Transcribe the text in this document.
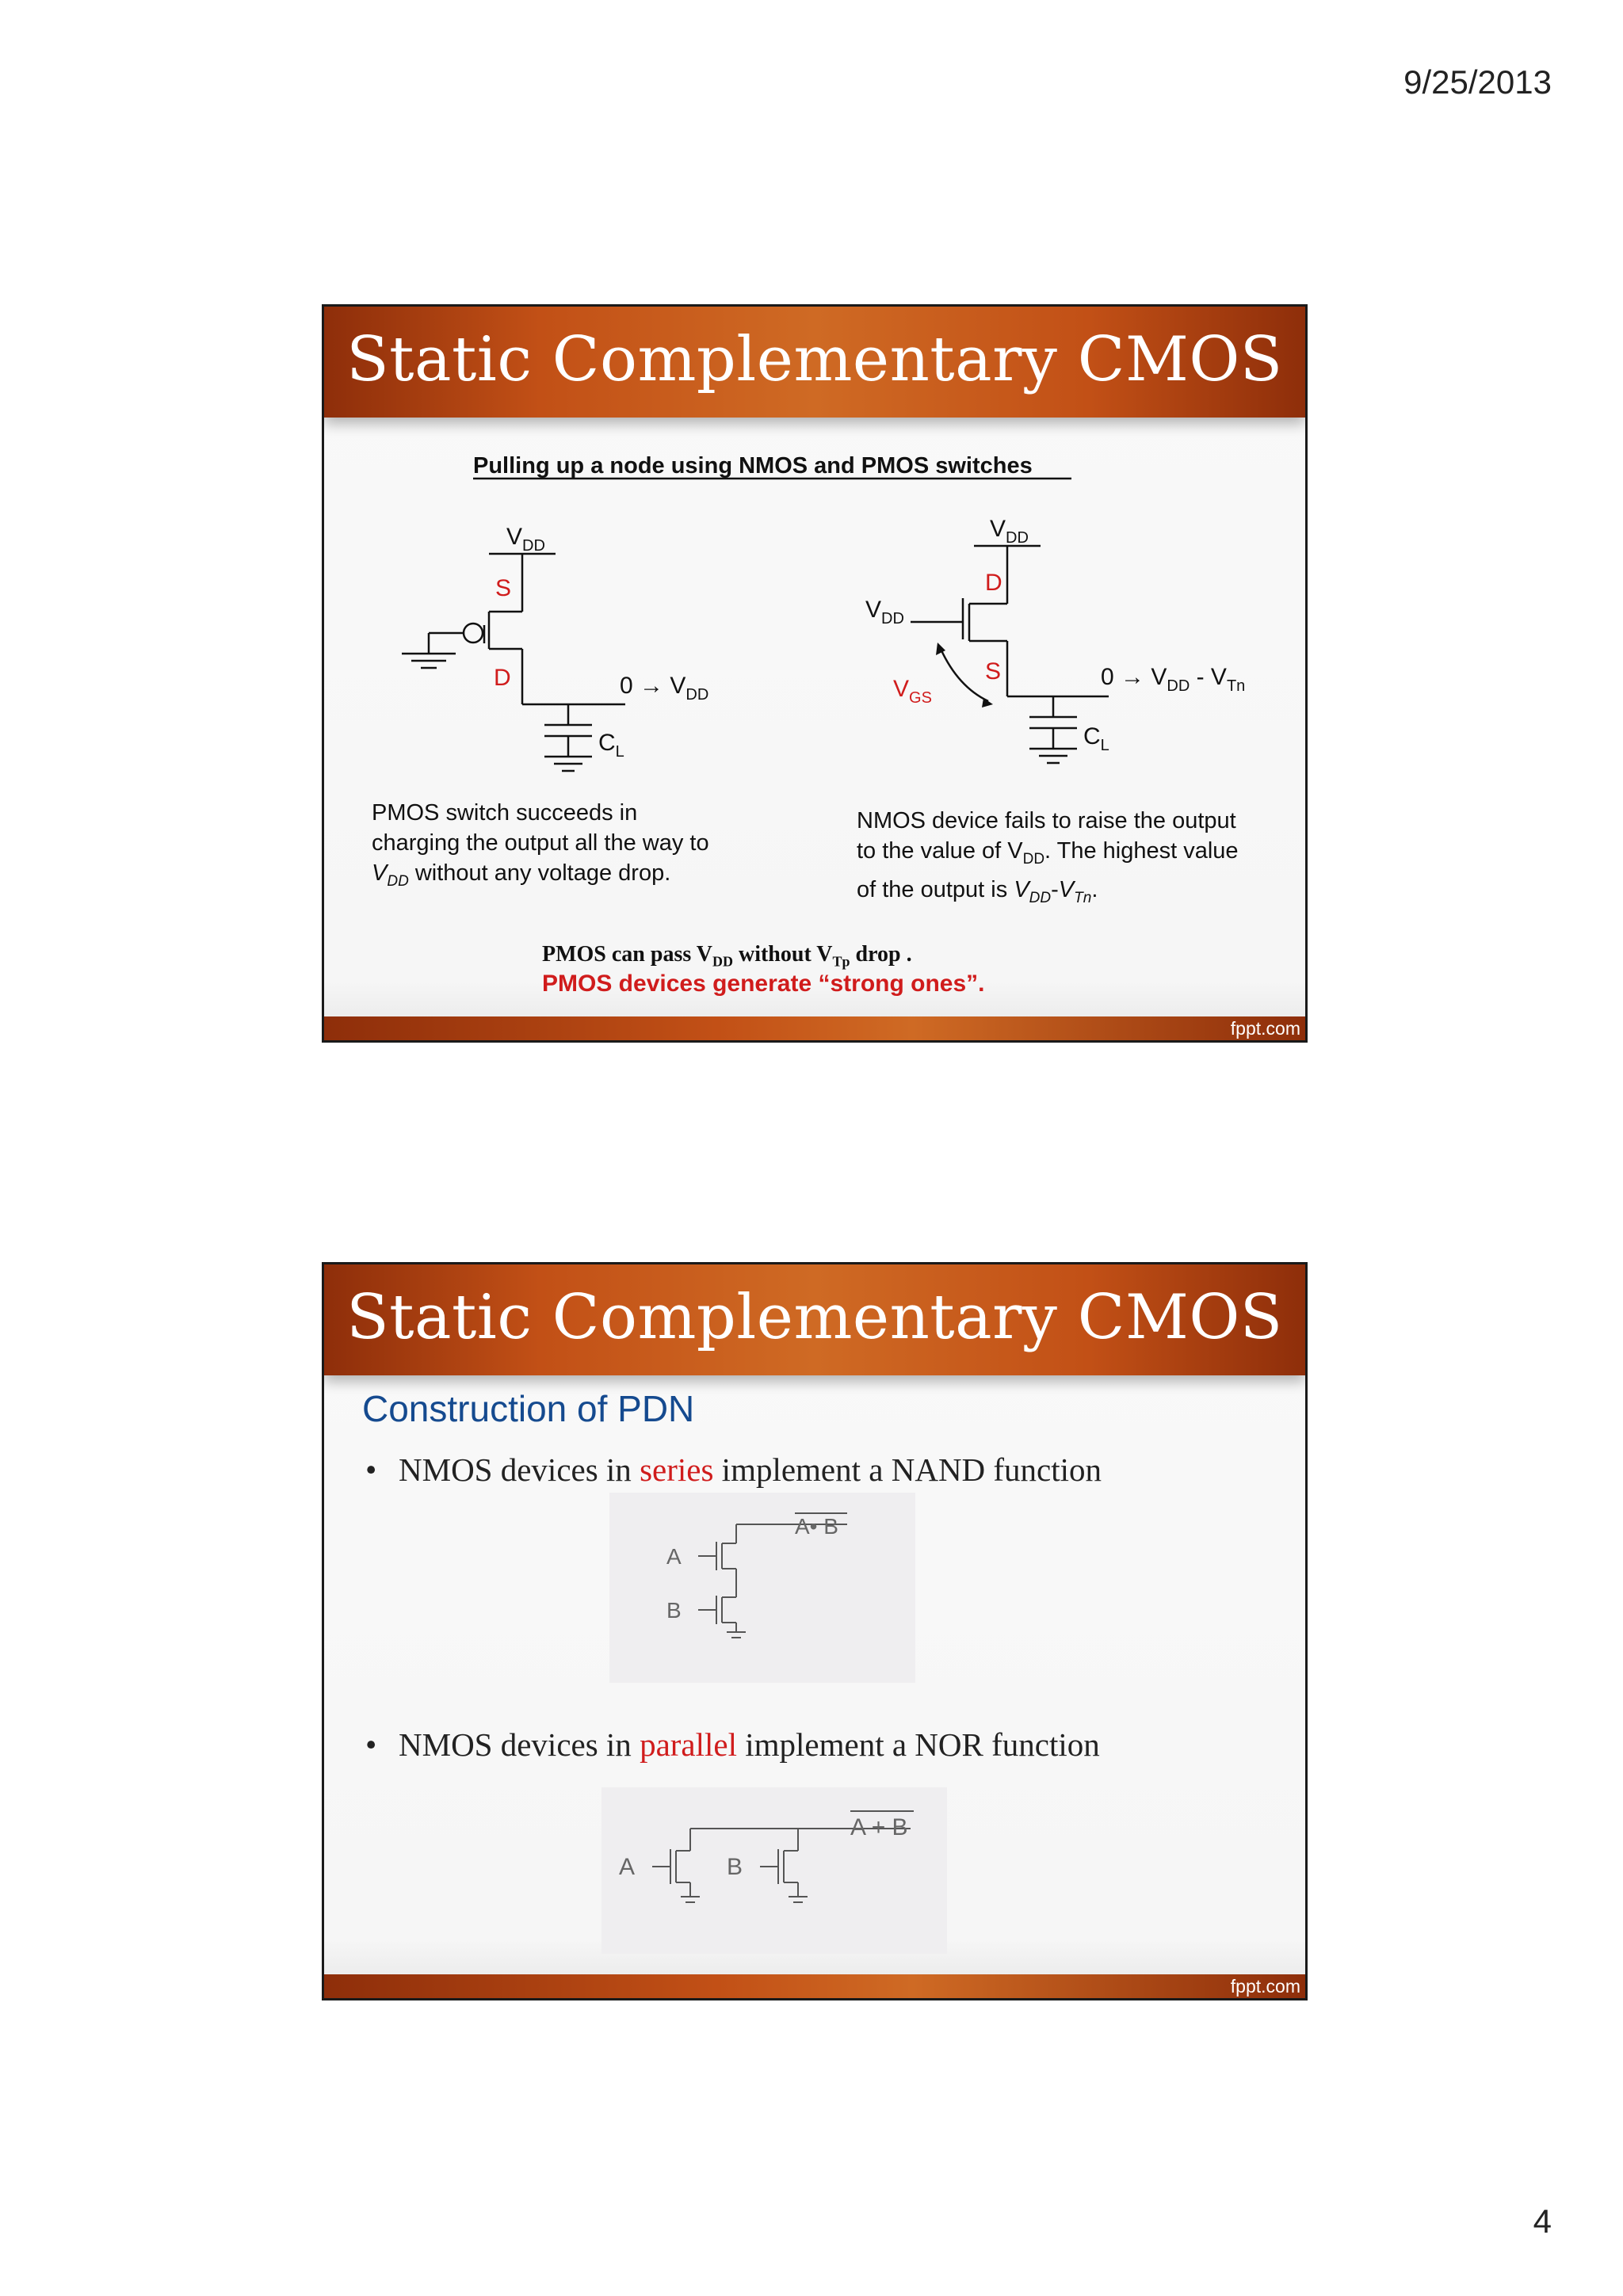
9/25/2013
Static Complementary CMOS
Pulling up a node using NMOS and PMOS switches
$V_{DD}$
S
D	$0 \to V_{DD}$
$C_L$
$V_{DD}$
$V_{DD}$
D
S
$V_{GS}$
$0 \to V_{DD} - V_{Tn}$
$C_L$
PMOS switch succeeds in
charging the output all the way to
$V_{DD}$ without any voltage drop.
NMOS device fails to raise the output
to the value of $V_{DD}$. The highest value
of the output is $V_{DD}-V_{Tn}$.
PMOS can pass $V_{DD}$ without $V_{Tp}$ drop .
PMOS devices generate “strong ones”.
fppt.com
Static Complementary CMOS
Construction of PDN
• NMOS devices in series implement a NAND function
A
B
A• B
• NMOS devices in parallel implement a NOR function
A	B
A + B
fppt.com
4
